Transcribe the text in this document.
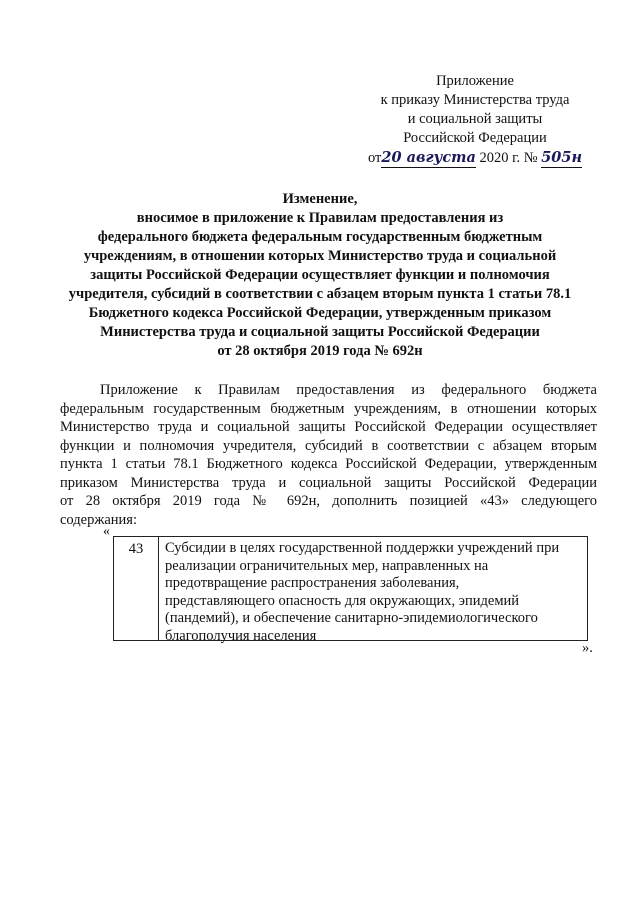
Приложение
к приказу Министерства труда
и социальной защиты
Российской Федерации
от20 августа 2020 г. № 505н
Изменение,
вносимое в приложение к Правилам предоставления из
федерального бюджета федеральным государственным бюджетным
учреждениям, в отношении которых Министерство труда и социальной
защиты Российской Федерации осуществляет функции и полномочия
учредителя, субсидий в соответствии с абзацем вторым пункта 1 статьи 78.1
Бюджетного кодекса Российской Федерации, утвержденным приказом
Министерства труда и социальной защиты Российской Федерации
от 28 октября 2019 года № 692н
Приложение к Правилам предоставления из федерального бюджета
федеральным государственным бюджетным учреждениям, в отношении которых
Министерство труда и социальной защиты Российской Федерации осуществляет
функции и полномочия учредителя, субсидий в соответствии с абзацем вторым
пункта 1 статьи 78.1 Бюджетного кодекса Российской Федерации, утвержденным
приказом Министерства труда и социальной защиты Российской Федерации
от 28 октября 2019 года № 692н, дополнить позицией «43» следующего
содержания:
«
43	Субсидии в целях государственной поддержки учреждений при
реализации ограничительных мер, направленных на
предотвращение распространения заболевания,
представляющего опасность для окружающих, эпидемий
(пандемий), и обеспечение санитарно-эпидемиологического
благополучия населения
».
